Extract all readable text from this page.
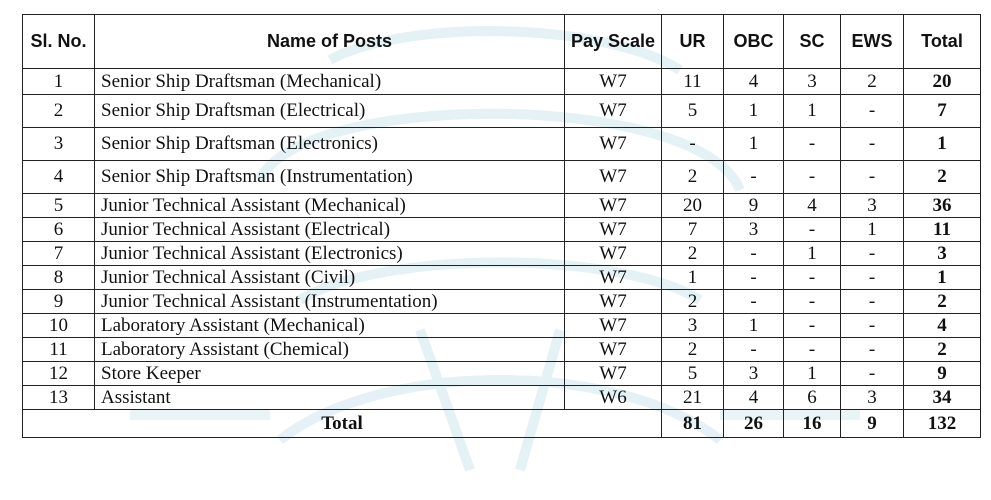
Sl. No.	Name of Posts	Pay Scale	UR	OBC	SC	EWS	Total
1	Senior Ship Draftsman (Mechanical)	W7	11	4	3	2	20
2	Senior Ship Draftsman (Electrical)	W7	5	1	1	-	7
3	Senior Ship Draftsman (Electronics)	W7	-	1	-	-	1
4	Senior Ship Draftsman (Instrumentation)	W7	2	-	-	-	2
5	Junior Technical Assistant (Mechanical)	W7	20	9	4	3	36
6	Junior Technical Assistant (Electrical)	W7	7	3	-	1	11
7	Junior Technical Assistant (Electronics)	W7	2	-	1	-	3
8	Junior Technical Assistant (Civil)	W7	1	-	-	-	1
9	Junior Technical Assistant (Instrumentation)	W7	2	-	-	-	2
10	Laboratory Assistant (Mechanical)	W7	3	1	-	-	4
11	Laboratory Assistant (Chemical)	W7	2	-	-	-	2
12	Store Keeper	W7	5	3	1	-	9
13	Assistant	W6	21	4	6	3	34
Total			81	26	16	9	132
